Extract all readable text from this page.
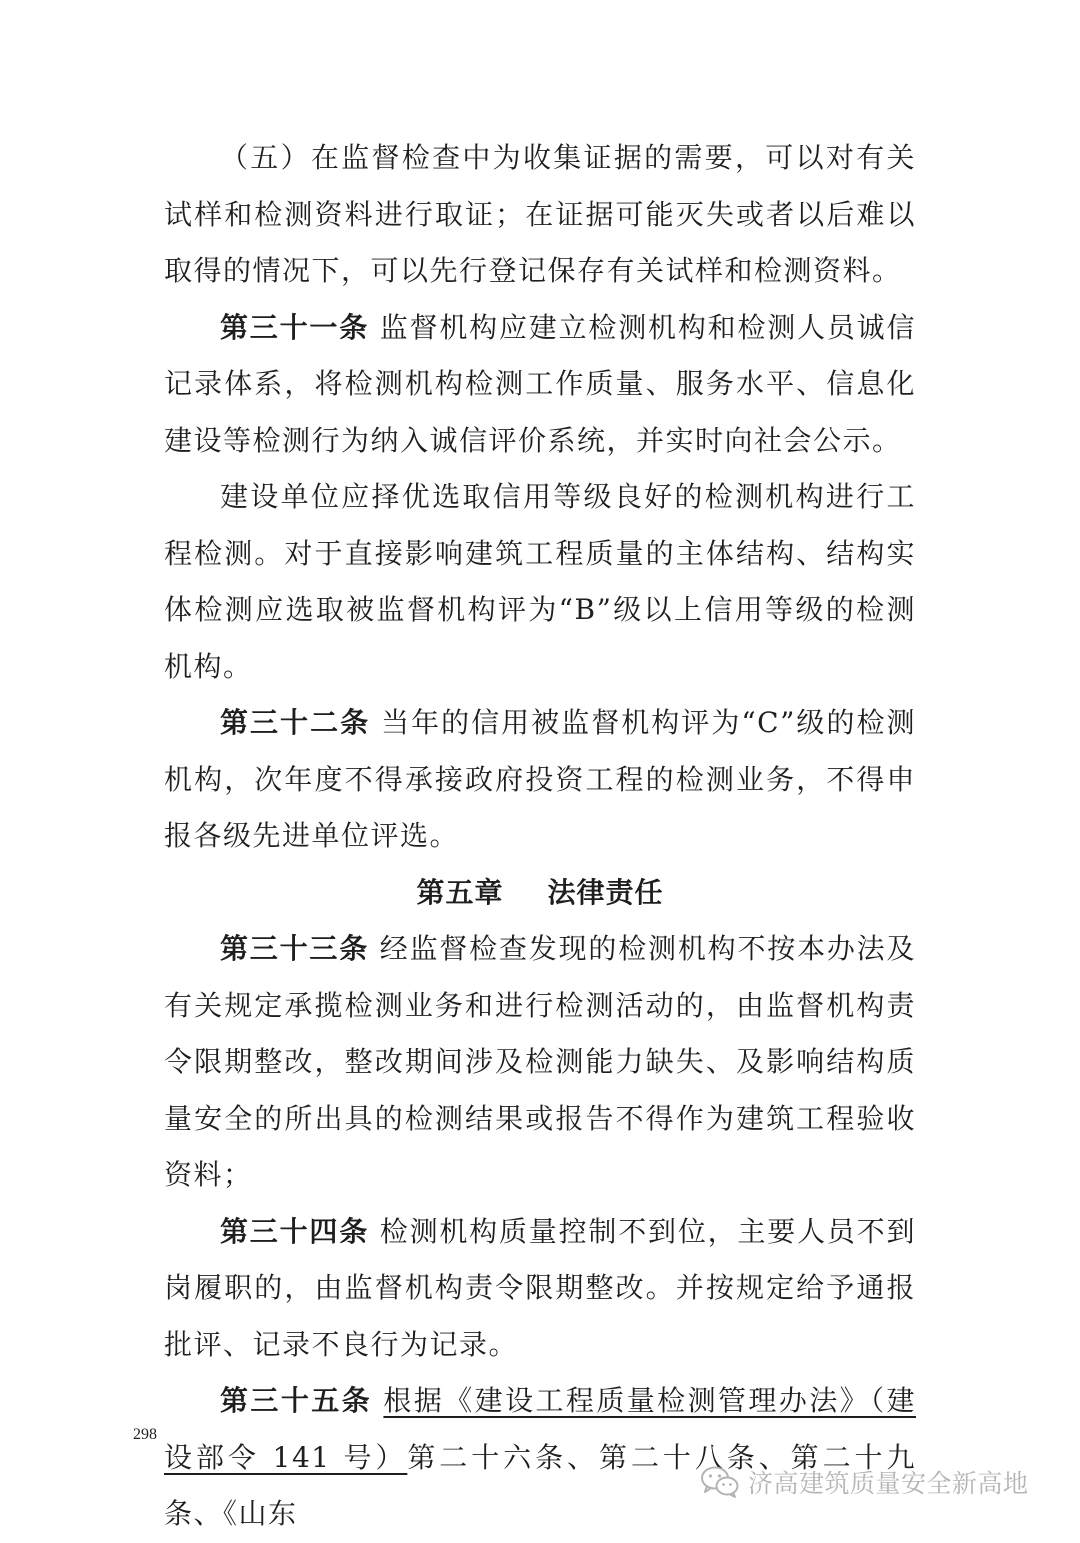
（五）在监督检查中为收集证据的需要，可以对有关试样和检测资料进行取证；在证据可能灭失或者以后难以取得的情况下，可以先行登记保存有关试样和检测资料。

第三十一条 监督机构应建立检测机构和检测人员诚信记录体系，将检测机构检测工作质量、服务水平、信息化建设等检测行为纳入诚信评价系统，并实时向社会公示。

建设单位应择优选取信用等级良好的检测机构进行工程检测。对于直接影响建筑工程质量的主体结构、结构实体检测应选取被监督机构评为“B”级以上信用等级的检测机构。

第三十二条 当年的信用被监督机构评为“C”级的检测机构，次年度不得承接政府投资工程的检测业务，不得申报各级先进单位评选。

第五章 法律责任

第三十三条 经监督检查发现的检测机构不按本办法及有关规定承揽检测业务和进行检测活动的，由监督机构责令限期整改，整改期间涉及检测能力缺失、及影响结构质量安全的所出具的检测结果或报告不得作为建筑工程验收资料；

第三十四条 检测机构质量控制不到位，主要人员不到岗履职的，由监督机构责令限期整改。并按规定给予通报批评、记录不良行为记录。

第三十五条 根据《建设工程质量检测管理办法》（建设部令 141 号）第二十六条、第二十八条、第二十九条、《山东

298
济高建筑质量安全新高地
